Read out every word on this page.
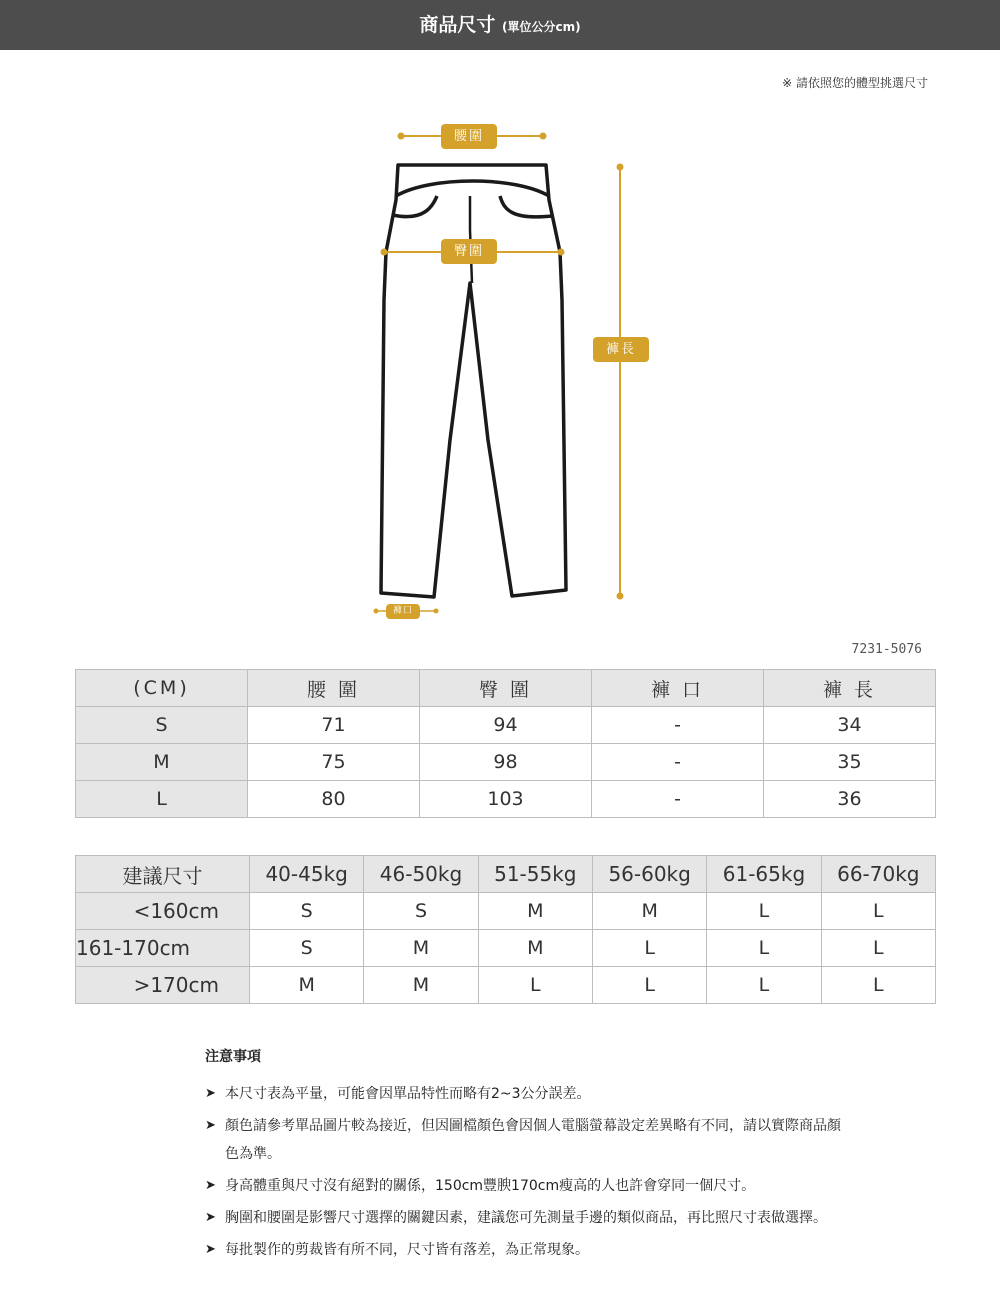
商品尺寸 (單位公分cm)
※ 請依照您的體型挑選尺寸
腰圍
臀圍
褲長
褲口
7231-5076
(CM)	腰 圍	臀 圍	褲 口	褲 長
S	71	94	-	34
M	75	98	-	35
L	80	103	-	36
建議尺寸	40-45kg	46-50kg	51-55kg	56-60kg	61-65kg	66-70kg
<160cm	S	S	M	M	L	L
161-170cm	S	M	M	L	L	L
>170cm	M	M	L	L	L	L
注意事項
➤ 本尺寸表為平量，可能會因單品特性而略有2~3公分誤差。
➤ 顏色請參考單品圖片較為接近，但因圖檔顏色會因個人電腦螢幕設定差異略有不同，請以實際商品顏色為準。
➤ 身高體重與尺寸沒有絕對的關係，150cm豐腴170cm瘦高的人也許會穿同一個尺寸。
➤ 胸圍和腰圍是影響尺寸選擇的關鍵因素，建議您可先測量手邊的類似商品，再比照尺寸表做選擇。
➤ 每批製作的剪裁皆有所不同，尺寸皆有落差，為正常現象。
